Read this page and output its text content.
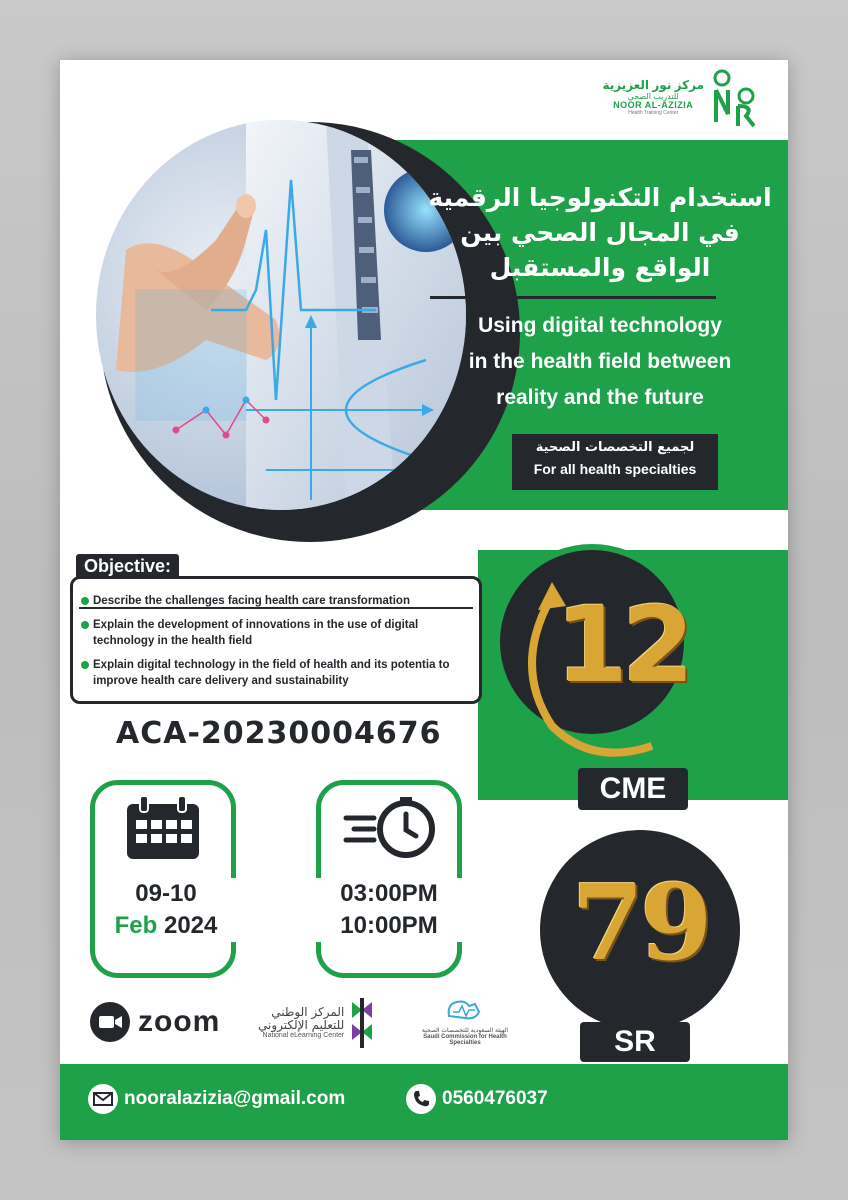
مركز نور العزيزية
للتدريب الصحي
NOOR AL-AZIZIA
Health Training Center
استخدام التكنولوجيا الرقمية
في المجال الصحي بين
الواقع والمستقبل
Using digital technology
in the health field between
reality and the future
لجميع التخصصات الصحية
For all health specialties
12
CME
79
SR
Describe the challenges facing health care transformation
Explain the development of innovations in the use of digital technology in the health field
Explain digital technology in the field of health and its potentia to improve health care delivery and sustainability
Objective:
ACA-20230004676
09-10
Feb 2024
03:00PM
10:00PM
zoom	المركز الوطني
للتعليم الإلكتروني
National eLearning Center
الهيئة السعودية للتخصصات الصحية
Saudi Commission for Health Specialties
nooralazizia@gmail.com	0560476037
